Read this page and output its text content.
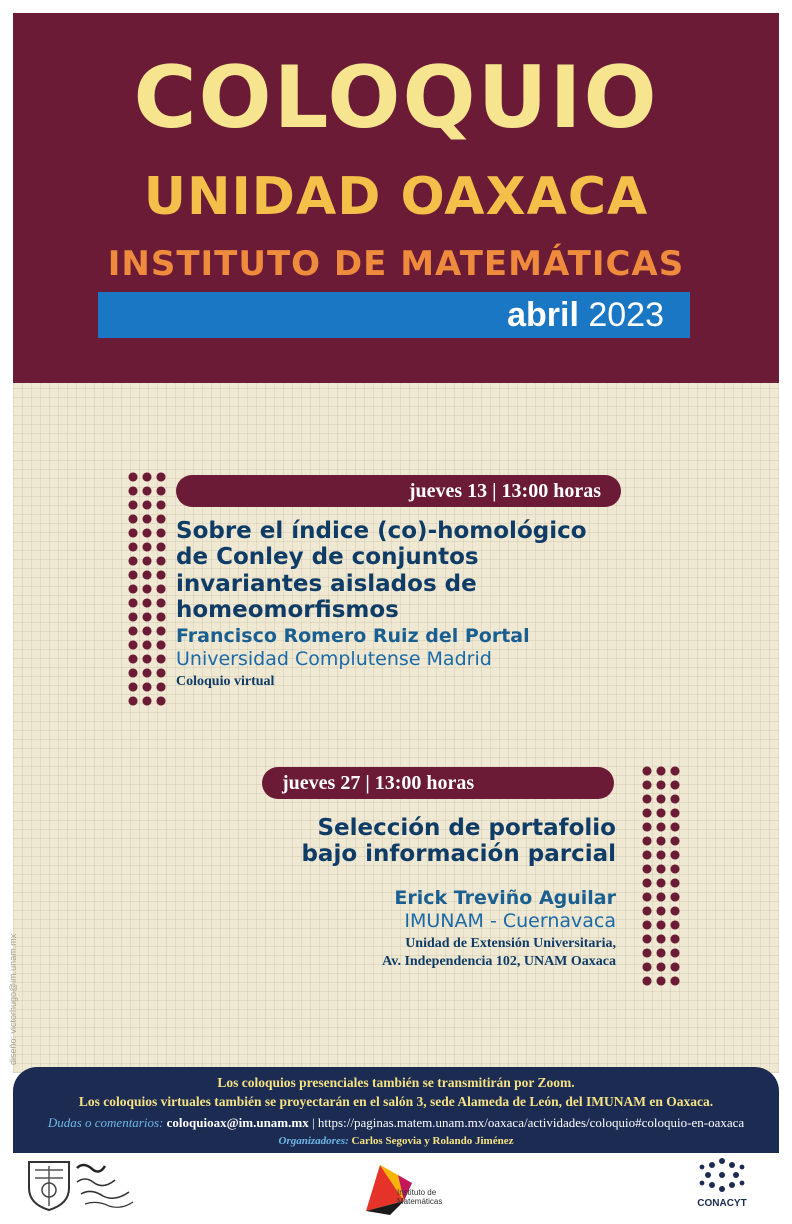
COLOQUIO
UNIDAD OAXACA
INSTITUTO DE MATEMÁTICAS
abril 2023
diseño: victorhugo@im.unam.mx
jueves 13 | 13:00 horas
Sobre el índice (co)-homológico de Conley de conjuntos invariantes aislados de homeomorfismos
Francisco Romero Ruiz del Portal
Universidad Complutense Madrid
Coloquio virtual
jueves 27 | 13:00 horas
Selección de portafolio bajo información parcial
Erick Treviño Aguilar
IMUNAM - Cuernavaca
Unidad de Extensión Universitaria,
Av. Independencia 102, UNAM Oaxaca
Los coloquios presenciales también se transmitirán por Zoom.
Los coloquios virtuales también se proyectarán en el salón 3, sede Alameda de León, del IMUNAM en Oaxaca.
Dudas o comentarios: coloquioax@im.unam.mx | https://paginas.matem.unam.mx/oaxaca/actividades/coloquio#coloquio-en-oaxaca
Organizadores: Carlos Segovia y Rolando Jiménez
Instituto de
Matemáticas	CONACYT
